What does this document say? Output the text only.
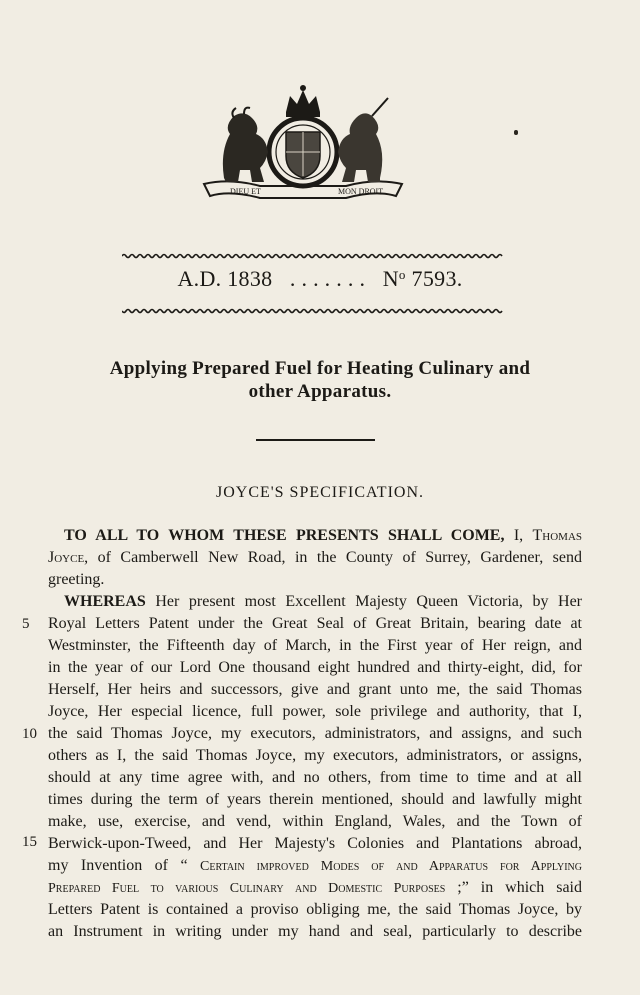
DIEU ET	MON DROIT
A.D. 1838 . . . . . . . $N^o$ 7593.
Applying Prepared Fuel for Heating Culinary and
other Apparatus.
JOYCE'S SPECIFICATION.
5
10
15
TO ALL TO WHOM THESE PRESENTS SHALL COME, I, Thomas
Joyce, of Camberwell New Road, in the County of Surrey, Gardener, send
greeting.
WHEREAS Her present most Excellent Majesty Queen Victoria, by Her
Royal Letters Patent under the Great Seal of Great Britain, bearing date at
Westminster, the Fifteenth day of March, in the First year of Her reign, and
in the year of our Lord One thousand eight hundred and thirty-eight, did, for
Herself, Her heirs and successors, give and grant unto me, the said Thomas
Joyce, Her especial licence, full power, sole privilege and authority, that I,
the said Thomas Joyce, my executors, administrators, and assigns, and such
others as I, the said Thomas Joyce, my executors, administrators, or assigns,
should at any time agree with, and no others, from time to time and at all
times during the term of years therein mentioned, should and lawfully might
make, use, exercise, and vend, within England, Wales, and the Town of
Berwick-upon-Tweed, and Her Majesty's Colonies and Plantations abroad,
my Invention of “ Certain improved Modes of and Apparatus for Applying
Prepared Fuel to various Culinary and Domestic Purposes ;” in which said
Letters Patent is contained a proviso obliging me, the said Thomas Joyce, by
an Instrument in writing under my hand and seal, particularly to describe
